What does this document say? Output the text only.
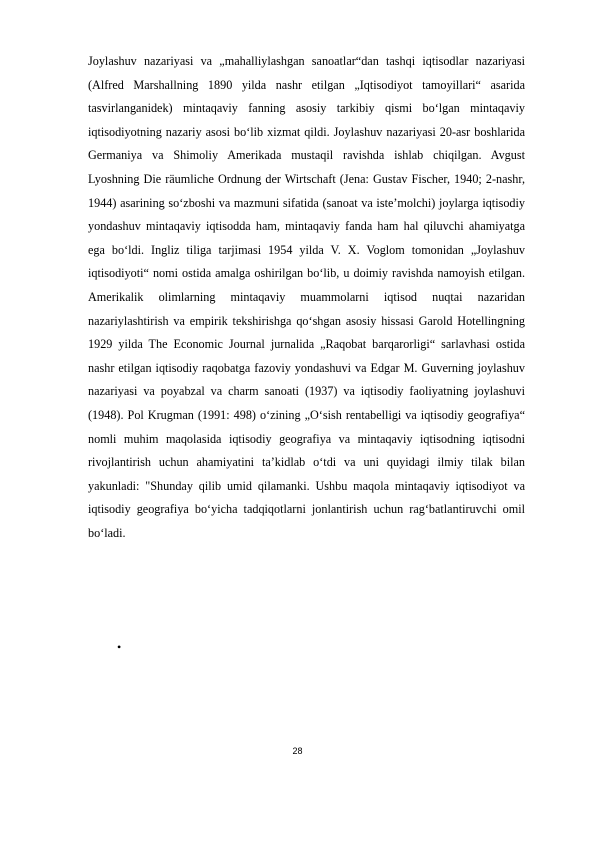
Joylashuv nazariyasi va „mahalliylashgan sanoatlar“dan tashqi iqtisodlar nazariyasi (Alfred Marshallning 1890 yilda nashr etilgan „Iqtisodiyot tamoyillari“ asarida tasvirlanganidek) mintaqaviy fanning asosiy tarkibiy qismi bo‘lgan mintaqaviy iqtisodiyotning nazariy asosi bo‘lib xizmat qildi. Joylashuv nazariyasi 20-asr boshlarida Germaniya va Shimoliy Amerikada mustaqil ravishda ishlab chiqilgan. Avgust Lyoshning Die räumliche Ordnung der Wirtschaft (Jena: Gustav Fischer, 1940; 2-nashr, 1944) asarining so‘zboshi va mazmuni sifatida (sanoat va iste’molchi) joylarga iqtisodiy yondashuv mintaqaviy iqtisodda ham, mintaqaviy fanda ham hal qiluvchi ahamiyatga ega bo‘ldi. Ingliz tiliga tarjimasi 1954 yilda V. X. Voglom tomonidan „Joylashuv iqtisodiyoti“ nomi ostida amalga oshirilgan bo‘lib, u doimiy ravishda namoyish etilgan. Amerikalik olimlarning mintaqaviy muammolarni iqtisod nuqtai nazaridan nazariylashtirish va empirik tekshirishga qo‘shgan asosiy hissasi Garold Hotellingning 1929 yilda The Economic Journal jurnalida „Raqobat barqarorligi“ sarlavhasi ostida nashr etilgan iqtisodiy raqobatga fazoviy yondashuvi va Edgar M. Guverning joylashuv nazariyasi va poyabzal va charm sanoati (1937) va iqtisodiy faoliyatning joylashuvi (1948). Pol Krugman (1991: 498) o‘zining „O‘sish rentabelligi va iqtisodiy geografiya“ nomli muhim maqolasida iqtisodiy geografiya va mintaqaviy iqtisodning iqtisodni rivojlantirish uchun ahamiyatini ta’kidlab o‘tdi va uni quyidagi ilmiy tilak bilan yakunladi: "Shunday qilib umid qilamanki. Ushbu maqola mintaqaviy iqtisodiyot va iqtisodiy geografiya bo‘yicha tadqiqotlarni jonlantirish uchun rag‘batlantiruvchi omil bo‘ladi.
•
28
